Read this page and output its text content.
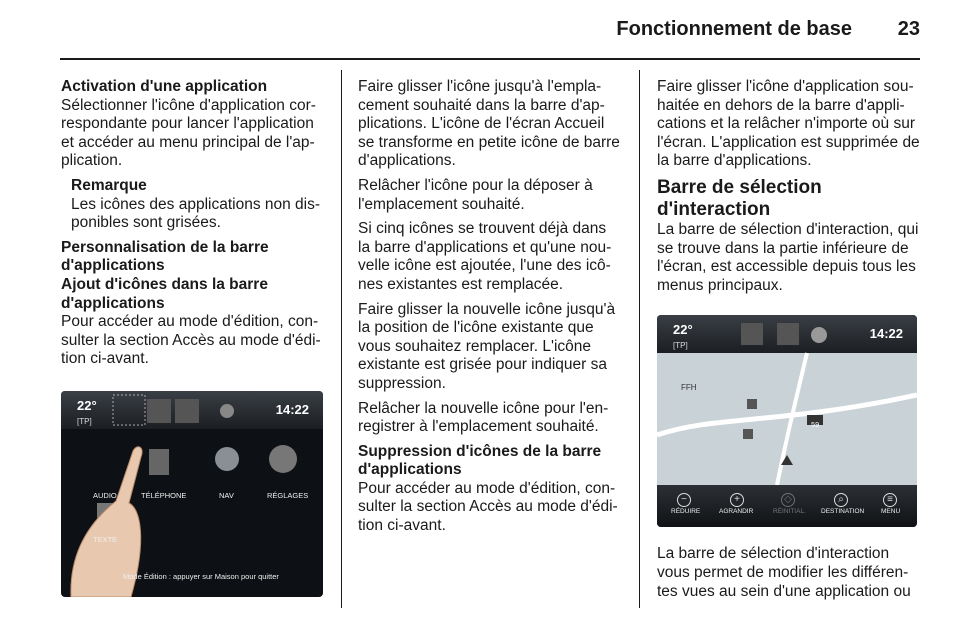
Fonctionnement de base 23
Activation d'une application
Sélectionner l'icône d'application cor-respondante pour lancer l'application et accéder au menu principal de l'ap-plication.
Remarque
Les icônes des applications non dis-ponibles sont grisées.
Personnalisation de la barre d'applications
Ajout d'icônes dans la barre d'applications
Pour accéder au mode d'édition, con-sulter la section Accès au mode d'édi-tion ci-avant.
22°
[TP]
14:22
AUDIO	TÉLÉPHONE	NAV	RÉGLAGES
TEXTE
Mode Édition : appuyer sur Maison pour quitter
Faire glisser l'icône jusqu'à l'empla-cement souhaité dans la barre d'ap-plications. L'icône de l'écran Accueil se transforme en petite icône de barre d'applications.
Relâcher l'icône pour la déposer à l'emplacement souhaité.
Si cinq icônes se trouvent déjà dans la barre d'applications et qu'une nou-velle icône est ajoutée, l'une des icô-nes existantes est remplacée.
Faire glisser la nouvelle icône jusqu'à la position de l'icône existante que vous souhaitez remplacer. L'icône existante est grisée pour indiquer sa suppression.
Relâcher la nouvelle icône pour l'en-registrer à l'emplacement souhaité.
Suppression d'icônes de la barre d'applications
Pour accéder au mode d'édition, con-sulter la section Accès au mode d'édi-tion ci-avant.
Faire glisser l'icône d'application sou-haitée en dehors de la barre d'appli-cations et la relâcher n'importe où sur l'écran. L'application est supprimée de la barre d'applications.
Barre de sélection d'interaction
La barre de sélection d'interaction, qui se trouve dans la partie inférieure de l'écran, est accessible depuis tous les menus principaux.
22°
[TP]
14:22
FFH
59
−	+	◇	⌕	≡
RÉDUIRE	AGRANDIR	RÉINITIAL. DESTINATION	MENU
La barre de sélection d'interaction vous permet de modifier les différen-tes vues au sein d'une application ou
